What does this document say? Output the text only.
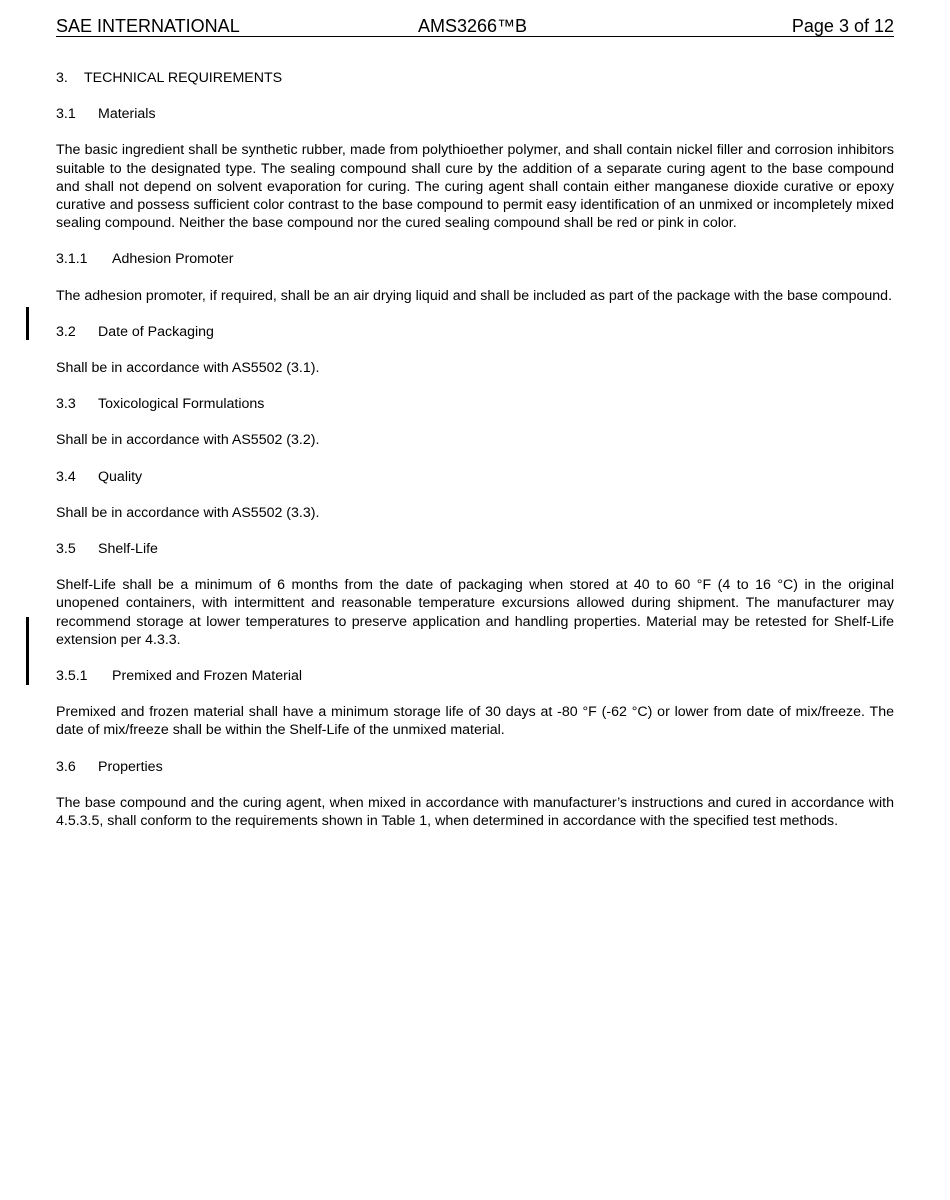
SAE INTERNATIONAL	AMS3266™B	Page 3 of 12
3. TECHNICAL REQUIREMENTS
3.1 Materials

The basic ingredient shall be synthetic rubber, made from polythioether polymer, and shall contain nickel filler and corrosion inhibitors suitable to the designated type. The sealing compound shall cure by the addition of a separate curing agent to the base compound and shall not depend on solvent evaporation for curing. The curing agent shall contain either manganese dioxide curative or epoxy curative and possess sufficient color contrast to the base compound to permit easy identification of an unmixed or incompletely mixed sealing compound. Neither the base compound nor the cured sealing compound shall be red or pink in color.

3.1.1 Adhesion Promoter

The adhesion promoter, if required, shall be an air drying liquid and shall be included as part of the package with the base compound.

3.2 Date of Packaging

Shall be in accordance with AS5502 (3.1).

3.3 Toxicological Formulations

Shall be in accordance with AS5502 (3.2).

3.4 Quality

Shall be in accordance with AS5502 (3.3).

3.5 Shelf-Life

Shelf-Life shall be a minimum of 6 months from the date of packaging when stored at 40 to 60 °F (4 to 16 °C) in the original unopened containers, with intermittent and reasonable temperature excursions allowed during shipment. The manufacturer may recommend storage at lower temperatures to preserve application and handling properties. Material may be retested for Shelf-Life extension per 4.3.3.

3.5.1 Premixed and Frozen Material

Premixed and frozen material shall have a minimum storage life of 30 days at -80 °F (-62 °C) or lower from date of mix/freeze. The date of mix/freeze shall be within the Shelf-Life of the unmixed material.

3.6 Properties

The base compound and the curing agent, when mixed in accordance with manufacturer’s instructions and cured in accordance with 4.5.3.5, shall conform to the requirements shown in Table 1, when determined in accordance with the specified test methods.
